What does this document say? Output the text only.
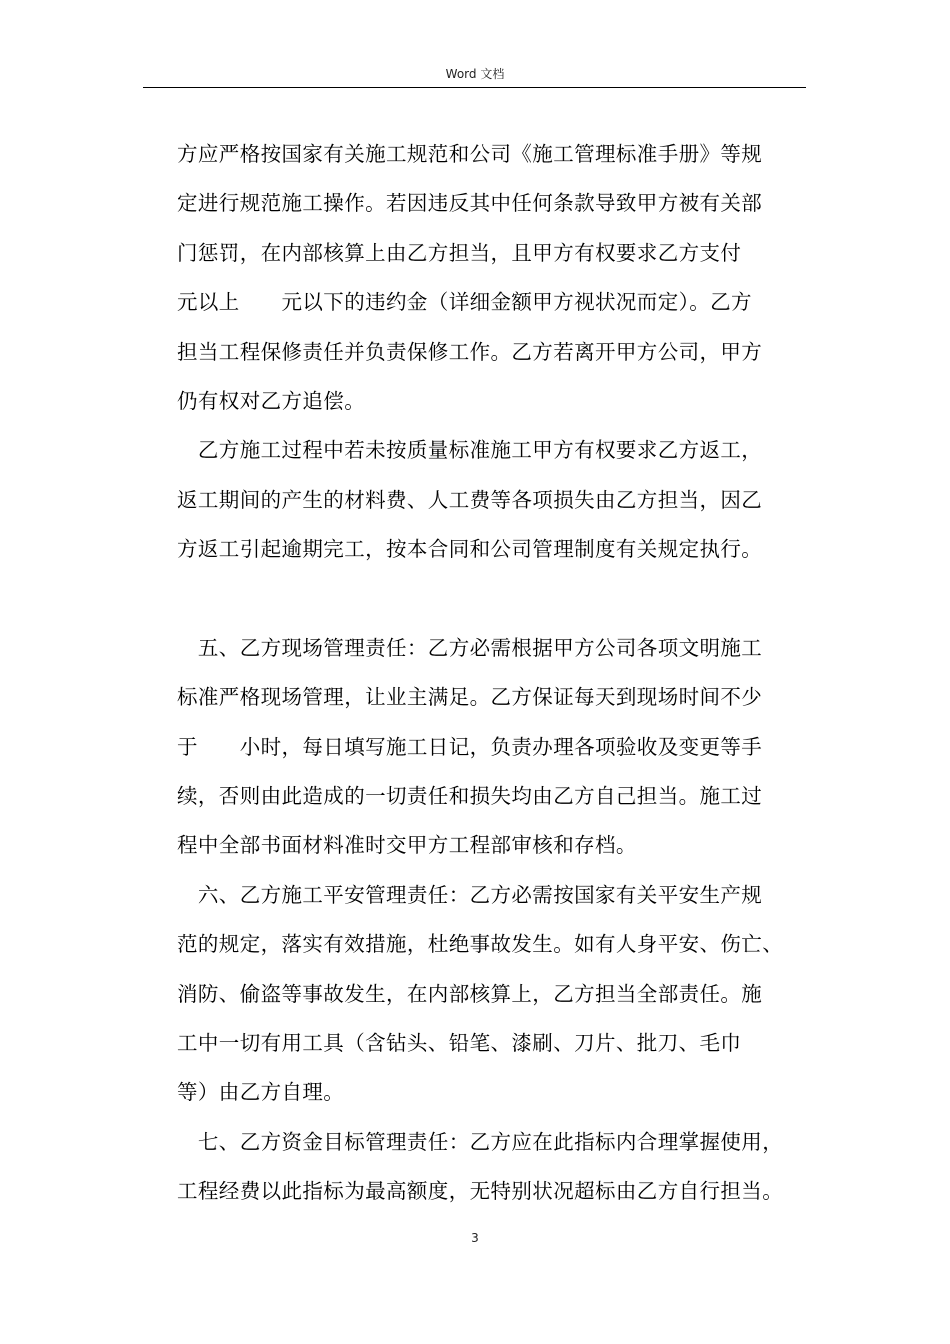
Word 文档
方应严格按国家有关施工规范和公司《施工管理标准手册》等规
定进行规范施工操作。若因违反其中任何条款导致甲方被有关部
门惩罚，在内部核算上由乙方担当，且甲方有权要求乙方支付
元以上　　元以下的违约金（详细金额甲方视状况而定）。乙方
担当工程保修责任并负责保修工作。乙方若离开甲方公司，甲方
仍有权对乙方追偿。
　乙方施工过程中若未按质量标准施工甲方有权要求乙方返工，
返工期间的产生的材料费、人工费等各项损失由乙方担当，因乙
方返工引起逾期完工，按本合同和公司管理制度有关规定执行。
　五、乙方现场管理责任：乙方必需根据甲方公司各项文明施工
标准严格现场管理，让业主满足。乙方保证每天到现场时间不少
于　　小时，每日填写施工日记，负责办理各项验收及变更等手
续，否则由此造成的一切责任和损失均由乙方自己担当。施工过
程中全部书面材料准时交甲方工程部审核和存档。
　六、乙方施工平安管理责任：乙方必需按国家有关平安生产规
范的规定，落实有效措施，杜绝事故发生。如有人身平安、伤亡、
消防、偷盗等事故发生，在内部核算上，乙方担当全部责任。施
工中一切有用工具（含钻头、铅笔、漆刷、刀片、批刀、毛巾
等）由乙方自理。
　七、乙方资金目标管理责任：乙方应在此指标内合理掌握使用，
工程经费以此指标为最高额度，无特别状况超标由乙方自行担当。
3
